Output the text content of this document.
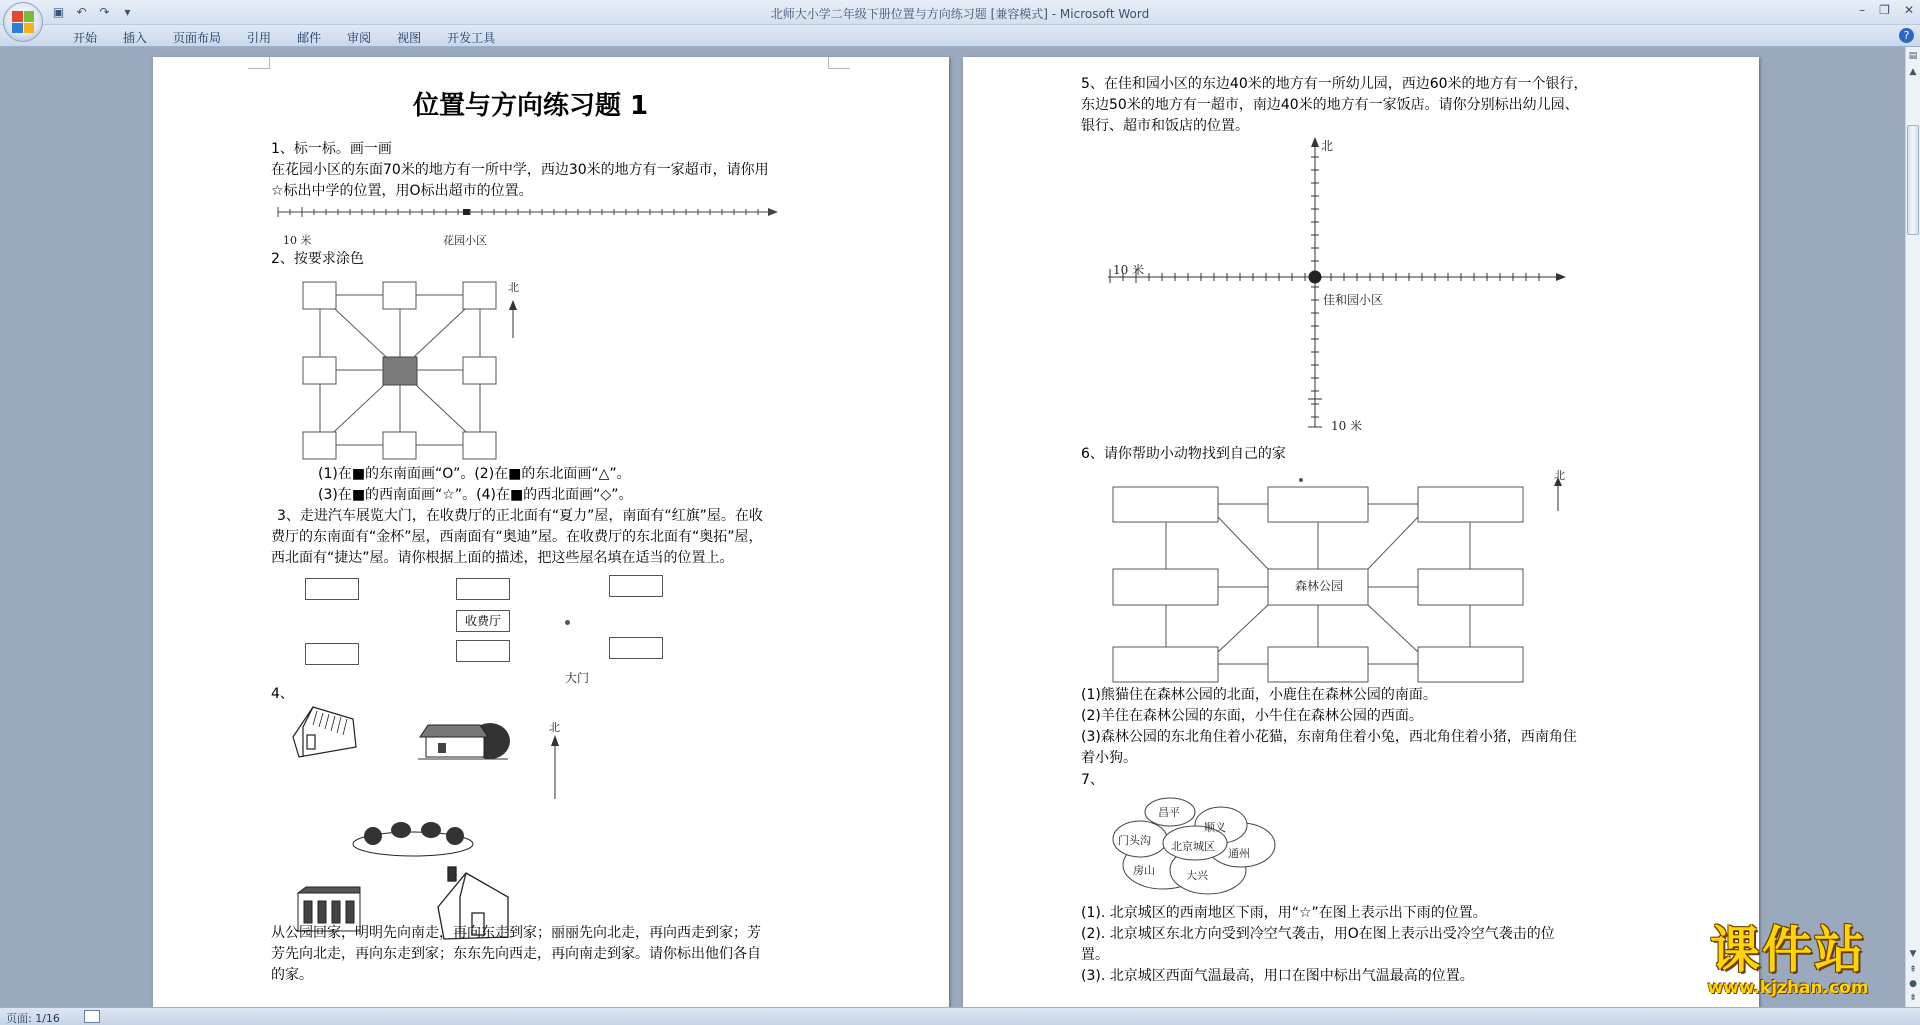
▣ ↶ ↷	▾	北师大小学二年级下册位置与方向练习题 [兼容模式] - Microsoft Word	– ❐ ✕
开始	插入	页面布局	引用	邮件	审阅	视图	开发工具	?
位置与方向练习题 1
1、标一标。画一画
在花园小区的东面70米的地方有一所中学，西边30米的地方有一家超市，请你用
☆标出中学的位置，用O标出超市的位置。
10 米	花园小区
2、按要求涂色
北
(1)在■的东南面画“O”。(2)在■的东北面画“△”。
(3)在■的西南面画“☆”。(4)在■的西北面画“◇”。
3、走进汽车展览大门，在收费厅的正北面有“夏力”屋，南面有“红旗”屋。在收
费厅的东南面有“金杯”屋，西南面有“奥迪”屋。在收费厅的东北面有“奥拓”屋，
西北面有“捷达”屋。请你根据上面的描述，把这些屋名填在适当的位置上。
收费厅
大门
4、
北
从公园回家，明明先向南走，再向东走到家；丽丽先向北走，再向西走到家；芳
芳先向北走，再向东走到家；东东先向西走，再向南走到家。请你标出他们各自
的家。
5、在佳和园小区的东边40米的地方有一所幼儿园，西边60米的地方有一个银行，
东边50米的地方有一超市，南边40米的地方有一家饭店。请你分别标出幼儿园、
银行、超市和饭店的位置。
北
10 米
佳和园小区
10 米
6、请你帮助小动物找到自己的家
森林公园
北
(1)熊猫住在森林公园的北面，小鹿住在森林公园的南面。
(2)羊住在森林公园的东面，小牛住在森林公园的西面。
(3)森林公园的东北角住着小花猫，东南角住着小兔，西北角住着小猪，西南角住
着小狗。
7、
昌平
顺义
门头沟 北京城区
通州
房山	大兴
(1). 北京城区的西南地区下雨，用“☆”在图上表示出下雨的位置。
(2). 北京城区东北方向受到冷空气袭击，用O在图上表示出受冷空气袭击的位
置。
(3). 北京城区西面气温最高，用口在图中标出气温最高的位置。
▤
▲
▼
⇞
●
⇟
页面: 1/16
课件站
www.kjzhan.com
